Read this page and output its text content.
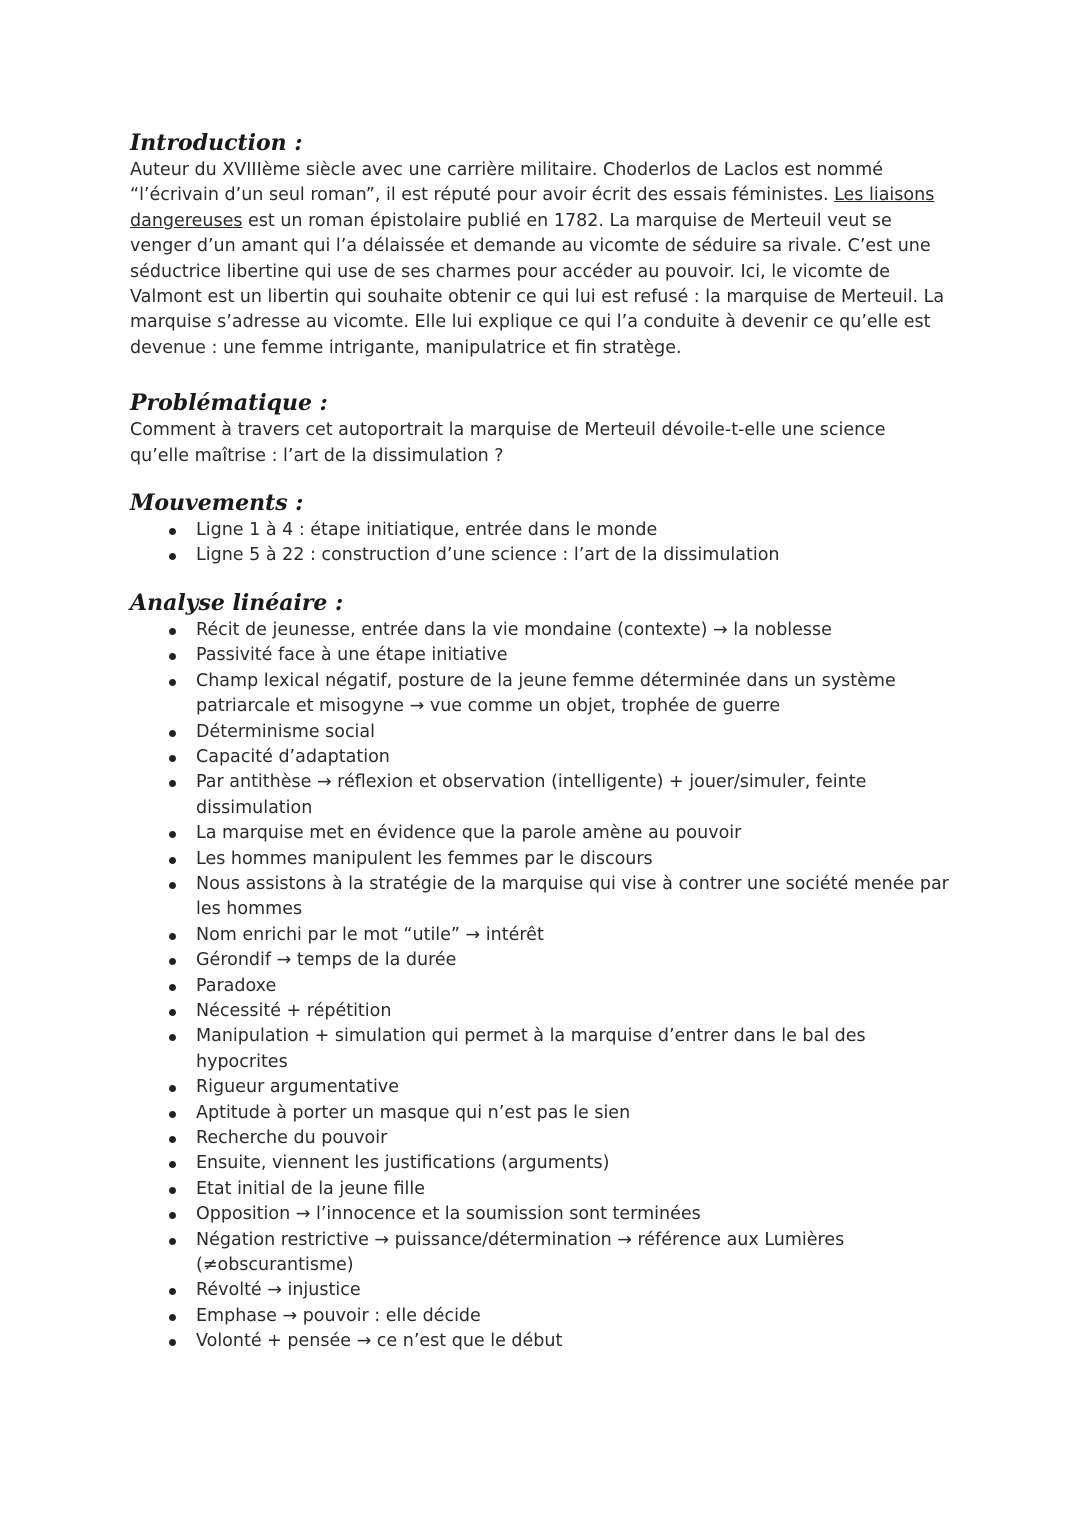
Introduction :

Auteur du XVIIIème siècle avec une carrière militaire. Choderlos de Laclos est nommé “l’écrivain d’un seul roman”, il est réputé pour avoir écrit des essais féministes. Les liaisons dangereuses est un roman épistolaire publié en 1782. La marquise de Merteuil veut se venger d’un amant qui l’a délaissée et demande au vicomte de séduire sa rivale. C’est une séductrice libertine qui use de ses charmes pour accéder au pouvoir. Ici, le vicomte de Valmont est un libertin qui souhaite obtenir ce qui lui est refusé : la marquise de Merteuil. La marquise s’adresse au vicomte. Elle lui explique ce qui l’a conduite à devenir ce qu’elle est devenue : une femme intrigante, manipulatrice et fin stratège.

Problématique :

Comment à travers cet autoportrait la marquise de Merteuil dévoile-t-elle une science qu’elle maîtrise : l’art de la dissimulation ?

Mouvements :
Ligne 1 à 4 : étape initiatique, entrée dans le monde
Ligne 5 à 22 : construction d’une science : l’art de la dissimulation
Analyse linéaire :
Récit de jeunesse, entrée dans la vie mondaine (contexte) → la noblesse
Passivité face à une étape initiative
Champ lexical négatif, posture de la jeune femme déterminée dans un système patriarcale et misogyne → vue comme un objet, trophée de guerre
Déterminisme social
Capacité d’adaptation
Par antithèse → réflexion et observation (intelligente) + jouer/simuler, feinte dissimulation
La marquise met en évidence que la parole amène au pouvoir
Les hommes manipulent les femmes par le discours
Nous assistons à la stratégie de la marquise qui vise à contrer une société menée par les hommes
Nom enrichi par le mot “utile” → intérêt
Gérondif → temps de la durée
Paradoxe
Nécessité + répétition
Manipulation + simulation qui permet à la marquise d’entrer dans le bal des hypocrites
Rigueur argumentative
Aptitude à porter un masque qui n’est pas le sien
Recherche du pouvoir
Ensuite, viennent les justifications (arguments)
Etat initial de la jeune fille
Opposition → l’innocence et la soumission sont terminées
Négation restrictive → puissance/détermination → référence aux Lumières (≠obscurantisme)
Révolté → injustice
Emphase → pouvoir : elle décide
Volonté + pensée → ce n’est que le début
